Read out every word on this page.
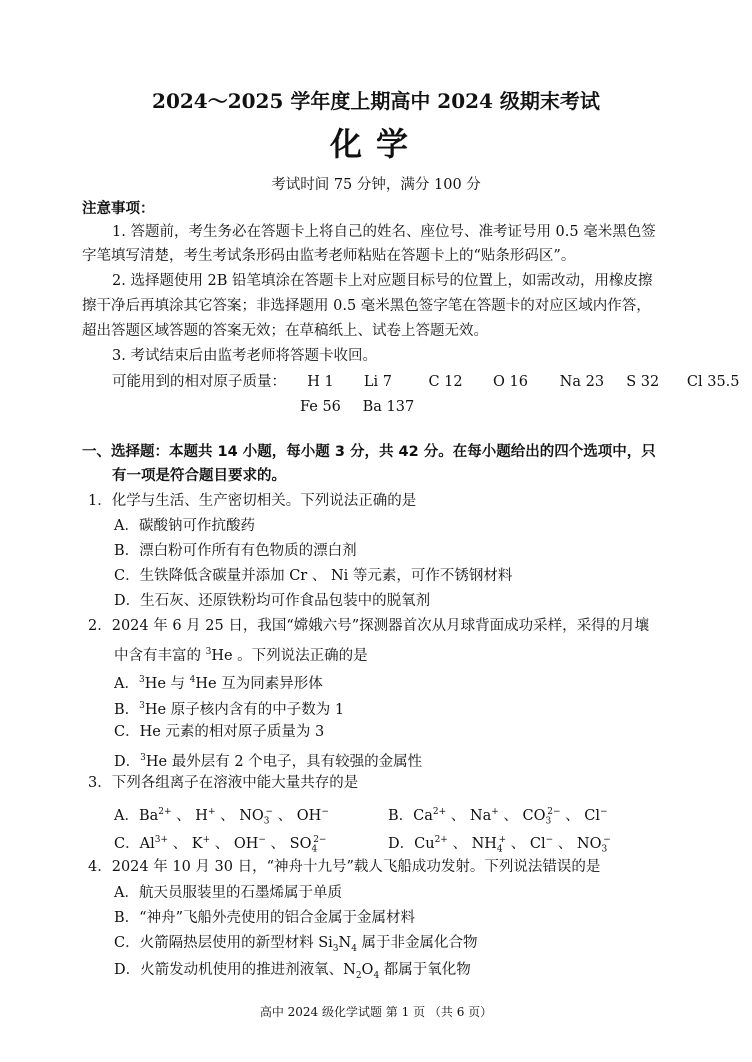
2024～2025 学年度上期高中 2024 级期末考试
化学
考试时间 75 分钟，满分 100 分
注意事项：
1. 答题前，考生务必在答题卡上将自己的姓名、座位号、准考证号用 0.5 毫米黑色签
字笔填写清楚，考生考试条形码由监考老师粘贴在答题卡上的“贴条形码区”。
2. 选择题使用 2B 铅笔填涂在答题卡上对应题目标号的位置上，如需改动，用橡皮擦
擦干净后再填涂其它答案；非选择题用 0.5 毫米黑色签字笔在答题卡的对应区域内作答，
超出答题区域答题的答案无效；在草稿纸上、试卷上答题无效。
3. 考试结束后由监考老师将答题卡收回。
可能用到的相对原子质量： H 1 Li 7	C 12 O 16 Na 23 S 32 Cl 35.5
Fe 56 Ba 137
一、选择题：本题共 14 小题，每小题 3 分，共 42 分。在每小题给出的四个选项中，只
有一项是符合题目要求的。
1．化学与生活、生产密切相关。下列说法正确的是
A．碳酸钠可作抗酸药
B．漂白粉可作所有有色物质的漂白剂
C．生铁降低含碳量并添加 Cr 、 Ni 等元素，可作不锈钢材料
D．生石灰、还原铁粉均可作食品包装中的脱氧剂
2．2024 年 6 月 25 日，我国“嫦娥六号”探测器首次从月球背面成功采样，采得的月壤
中含有丰富的 $^3$He 。下列说法正确的是
A．$^3$He 与 $^4$He 互为同素异形体
B．$^3$He 原子核内含有的中子数为 1
C．He 元素的相对原子质量为 3
D．$^3$He 最外层有 2 个电子，具有较强的金属性
3．下列各组离子在溶液中能大量共存的是
A．$Ba^{2+}$ 、 H+ 、 $NO_3^-$ 、 OH−	B．$Ca^{2+}$ 、 Na+ 、 $CO_3^{2-}$ 、 Cl−
C．$Al^{3+}$ 、 K+ 、 OH− 、 $SO_4^{2-}$	D．$Cu^{2+}$ 、 $NH_4^+$ 、 Cl− 、 $NO_3^-$
4．2024 年 10 月 30 日，“神舟十九号”载人飞船成功发射。下列说法错误的是
A．航天员服装里的石墨烯属于单质
B．“神舟”飞船外壳使用的铝合金属于金属材料
C．火箭隔热层使用的新型材料 $Si_3N_4$ 属于非金属化合物
D．火箭发动机使用的推进剂液氧、$N_2O_4$ 都属于氧化物
高中 2024 级化学试题 第 1 页 （共 6 页）
